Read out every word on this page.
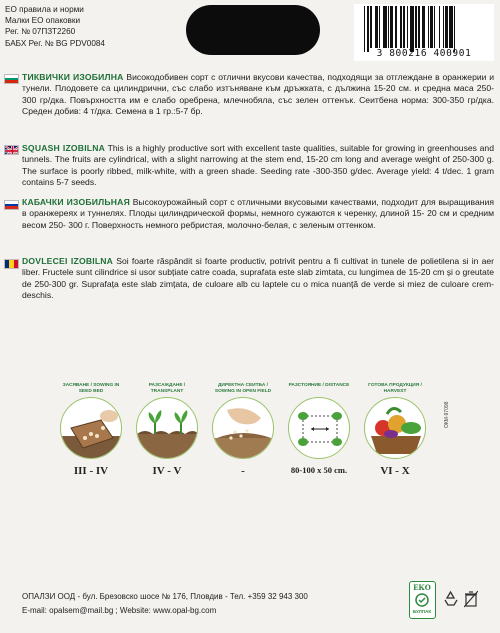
ЕО правила и норми
Малки ЕО опаковки
Рег. № 07ПЗТ2260
БАБХ Рег. № BG PDV0084
3 800216 400901
ТИКВИЧКИ ИЗОБИЛНА Високодобивен сорт с отлични вкусови качества, подходящи за отглеждане в оранжерии и тунели. Плодовете са цилиндрични, със слабо изтъняване към дръжката, с дължина 15-20 см. и средна маса 250-300 гр/дка. Повърхността им е слабо оребрена, млечнобяла, със зелен оттенък. Сеитбена норма: 300-350 гр/дка. Среден добив: 4 т/дка. Семена в 1 гр.:5-7 бр.
SQUASH IZOBILNA This is a highly productive sort with excellent taste qualities, suitable for growing in greenhouses and tunnels. The fruits are cylindrical, with a slight narrowing at the stem end, 15-20 cm long and average weight of 250-300 g. The surface is poorly ribbed, milk-white, with a green shade. Seeding rate -300-350 g/dec. Average yield: 4 t/dec. 1 gram contains 5-7 seeds.
КАБАЧКИ ИЗОБИЛЬНАЯ Высокоурожайный сорт с отличными вкусовыми качествами, подходит для выращивания в оранжереях и туннелях. Плоды цилиндрической формы, немного сужаются к черенку, длиной 15- 20 см и средним весом 250- 300 г. Поверхность немного ребристая, молочно-белая, с зеленым оттенком.
DOVLECEI IZOBILNA Soi foarte răspândit si foarte productiv, potrivit pentru a fi cultivat in tunele de polietilena si in aer liber. Fructele sunt cilindrice si usor subțiate catre coada, suprafata este slab zimtata, cu lungimea de 15-20 cm și o greutate de 250-300 gr. Suprafața este slab zimțata, de culoare alb cu laptele cu o mica nuanță de verde si miez de culoare crem-deschis.
ЗАСЯВАНЕ / SOWING IN SEED BED
III - IV
РАЗСАЖДАНЕ / TRANSPLANT
IV - V
ДИРЕКТНА СЕИТБА / SOWING IN OPEN FIELD
-
РАЗСТОЯНИЕ / DISTANCE
80-100 x 50 cm.
ГОТОВА ПРОДУКЦИЯ / HARVEST
VI - X
ОКМ-97098
ОПАЛЗИ ООД - бул. Брезовско шосе № 176, Пловдив - Тел. +359 32 943 300
E-mail: opalsem@mail.bg ; Website: www.opal-bg.com
ЕКО
БУЛПАК
